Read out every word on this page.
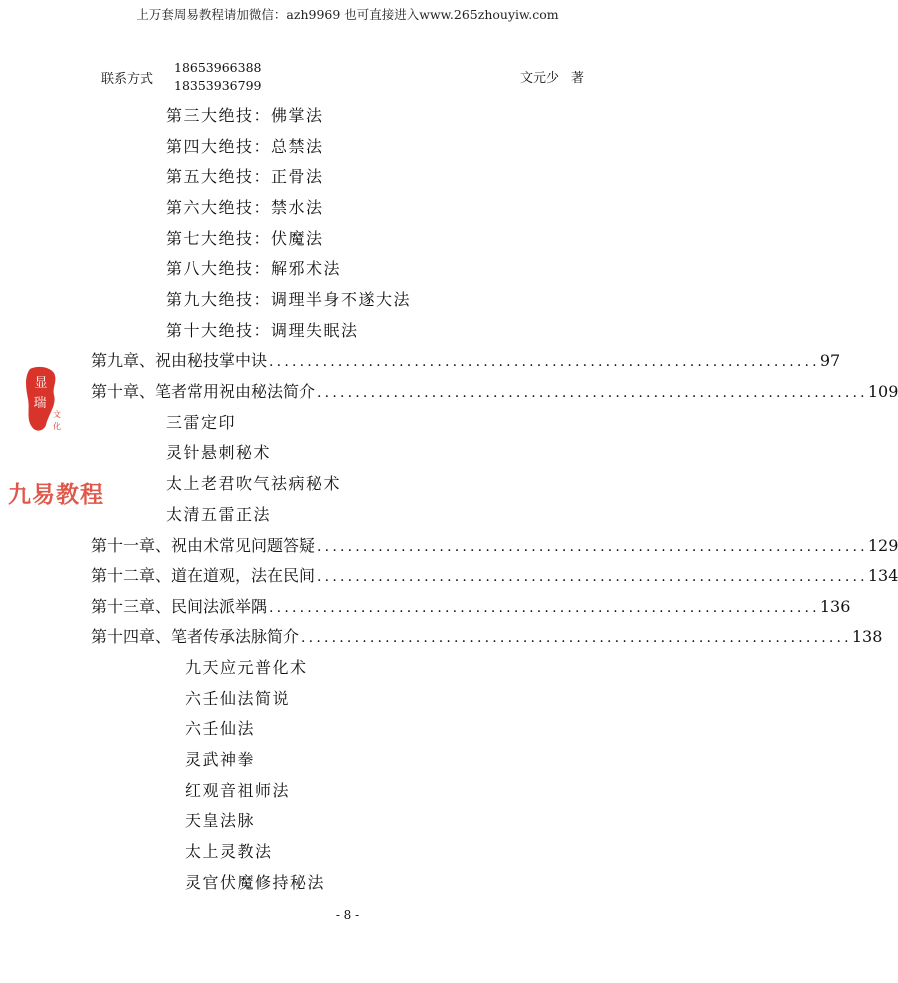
上万套周易教程请加微信：azh9969 也可直接进入www.265zhouyiw.com
联系方式
18653966388
18353936799	文元少 著
第三大绝技：佛掌法
第四大绝技：总禁法
第五大绝技：正骨法
第六大绝技：禁水法
第七大绝技：伏魔法
第八大绝技：解邪术法
第九大绝技：调理半身不遂大法
第十大绝技：调理失眠法
第九章、祝由秘技掌中诀 ........................................................................ 97
第十章、笔者常用祝由秘法简介 ........................................................................ 109
三雷定印
灵针悬刺秘术
太上老君吹气祛病秘术
太清五雷正法
第十一章、祝由术常见问题答疑 ........................................................................ 129
第十二章、道在道观，法在民间 ........................................................................ 134
第十三章、民间法派举隅 ........................................................................ 136
第十四章、笔者传承法脉简介 ........................................................................ 138
九天应元普化术
六壬仙法简说
六壬仙法
灵武神拳
红观音祖师法
天皇法脉
太上灵教法
灵官伏魔修持秘法
显
瑞
文
化
九易教程
- 8 -
